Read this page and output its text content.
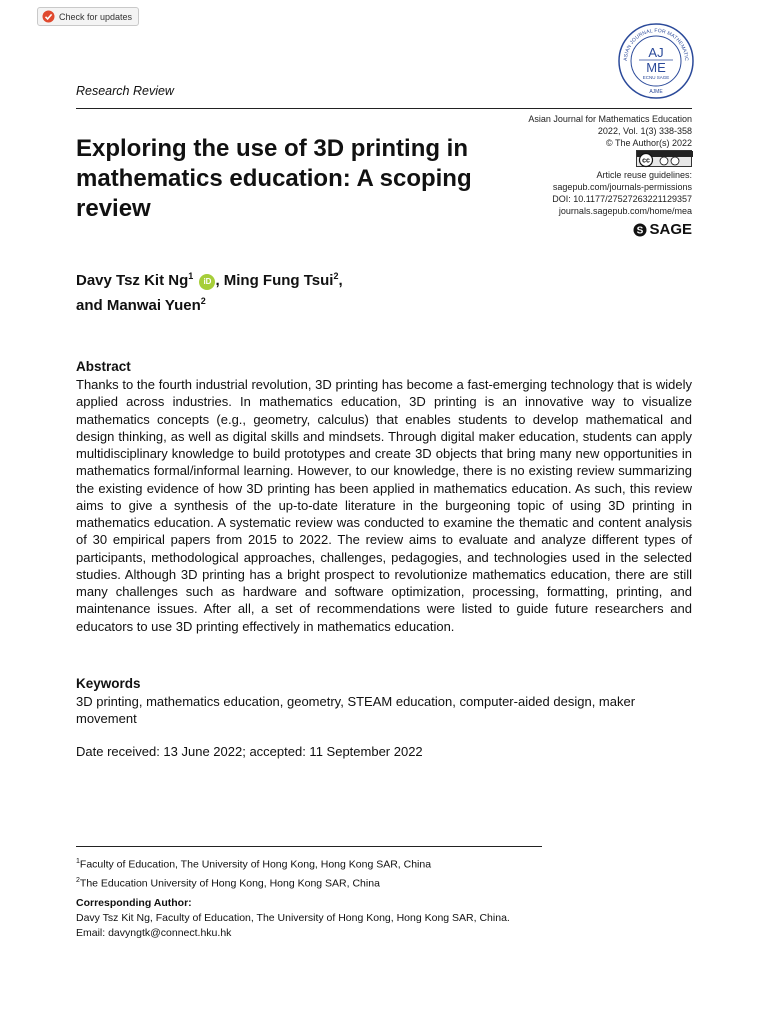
Check for updates
ASIAN JOURNAL FOR MATHEMATIC
AJ
ME
ECNU SAGE
AJME
Research Review
Exploring the use of 3D printing in mathematics education: A scoping review
Asian Journal for Mathematics Education
2022, Vol. 1(3) 338-358
© The Author(s) 2022
cc
Article reuse guidelines:
sagepub.com/journals-permissions
DOI: 10.1177/27527263221129357
journals.sagepub.com/home/mea
S SAGE
Davy Tsz Kit Ng$^1$ iD , Ming Fung Tsui$^2$,
and Manwai Yuen$^2$
Abstract

Thanks to the fourth industrial revolution, 3D printing has become a fast-emerging technology that is widely applied across industries. In mathematics education, 3D printing is an innovative way to visualize mathematics concepts (e.g., geometry, calculus) that enables students to develop mathematical and design thinking, as well as digital skills and mindsets. Through digital maker education, students can apply multidisciplinary knowledge to build prototypes and create 3D objects that bring many new opportunities in mathematics formal/informal learning. However, to our knowledge, there is no existing review summarizing the existing evidence of how 3D printing has been applied in mathematics education. As such, this review aims to give a synthesis of the up-to-date literature in the burgeoning topic of using 3D printing in mathematics education. A systematic review was conducted to examine the thematic and content analysis of 30 empirical papers from 2015 to 2022. The review aims to evaluate and analyze different types of participants, methodological approaches, challenges, pedagogies, and technologies used in the selected studies. Although 3D printing has a bright prospect to revolutionize mathematics education, there are still many challenges such as hardware and software optimization, processing, formatting, printing, and maintenance issues. After all, a set of recommendations were listed to guide future researchers and educators to use 3D printing effectively in mathematics education.

Keywords

3D printing, mathematics education, geometry, STEAM education, computer-aided design, maker movement

Date received: 13 June 2022; accepted: 11 September 2022
$^1$Faculty of Education, The University of Hong Kong, Hong Kong SAR, China
$^2$The Education University of Hong Kong, Hong Kong SAR, China
Corresponding Author:
Davy Tsz Kit Ng, Faculty of Education, The University of Hong Kong, Hong Kong SAR, China.
Email: davyngtk@connect.hku.hk
